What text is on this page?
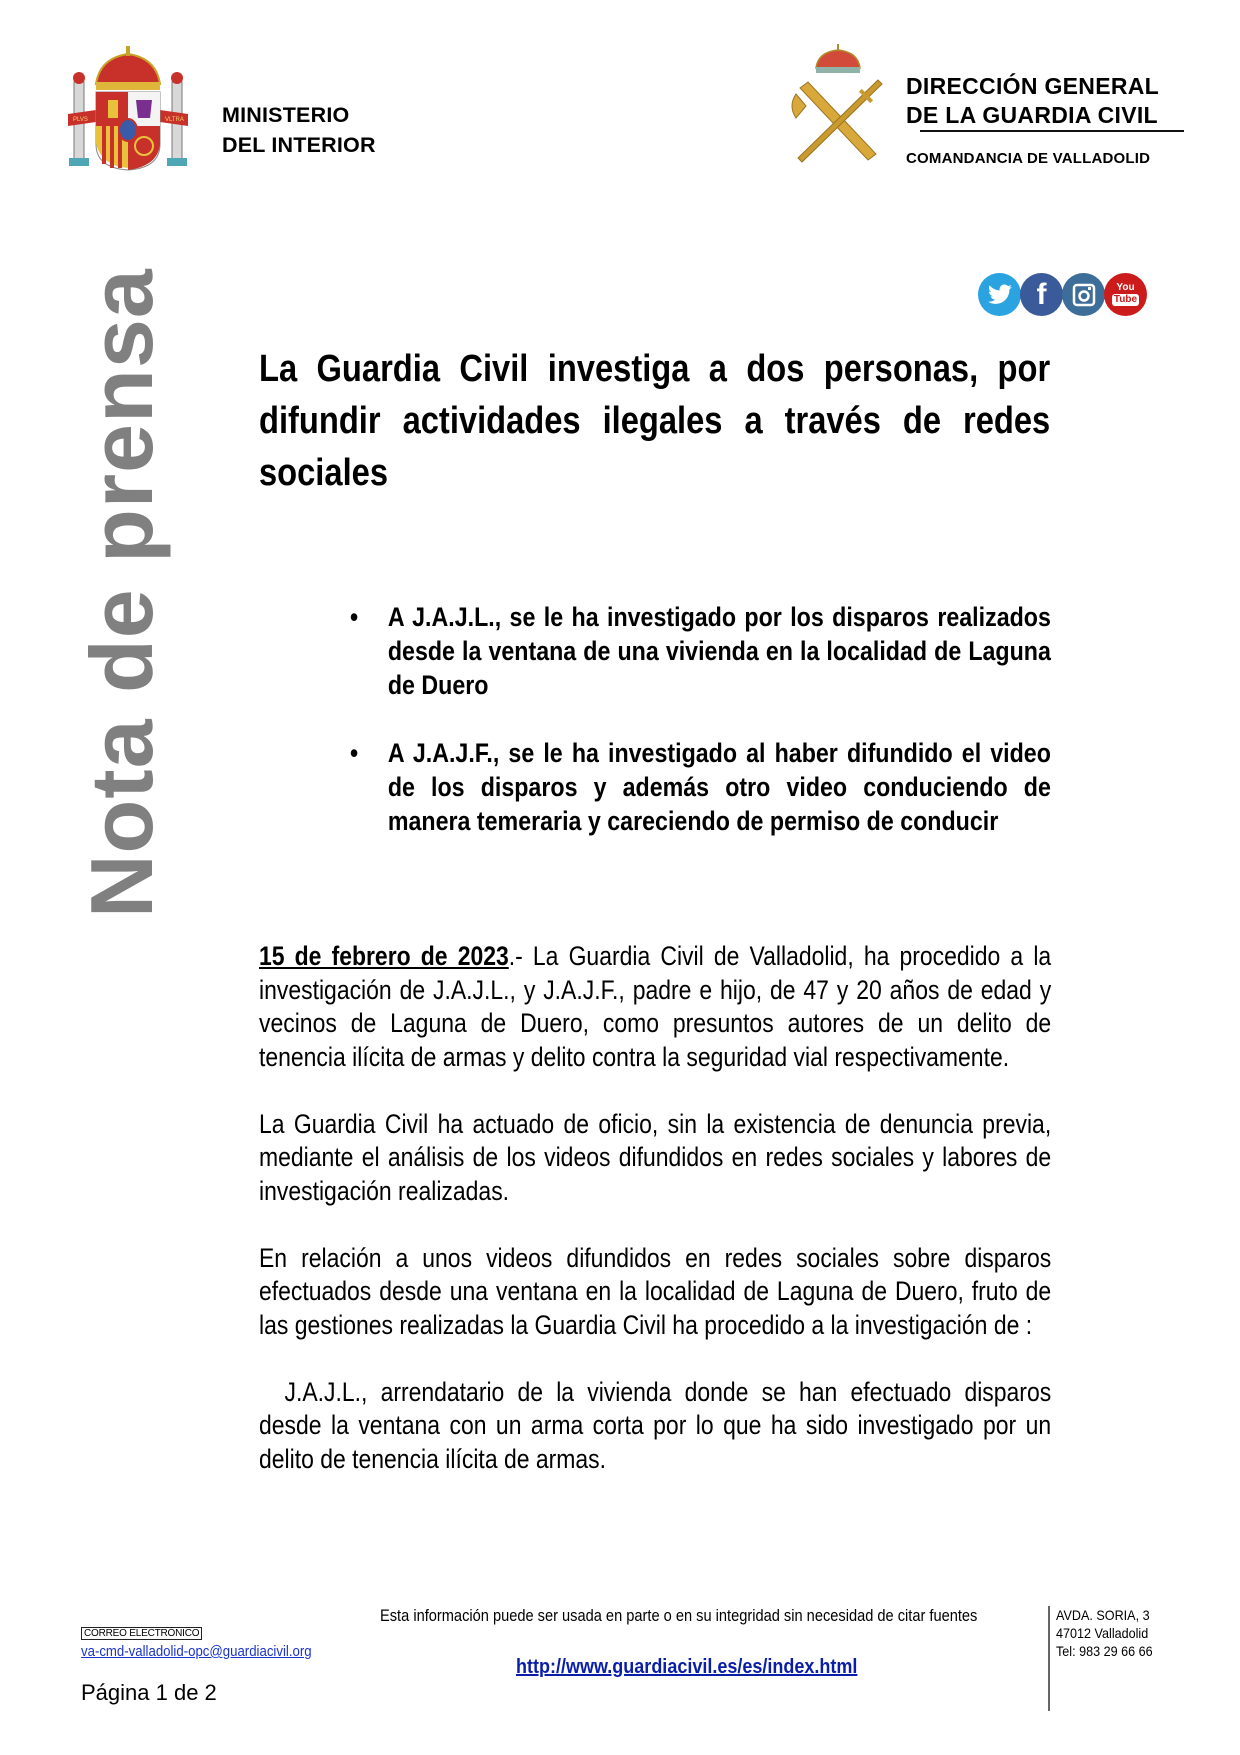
PLVS	VLTRA MINISTERIO
DEL INTERIOR
DIRECCIÓN GENERAL
DE LA GUARDIA CIVIL
COMANDANCIA DE VALLADOLID
f	You
Tube
Nota de prensa La Guardia Civil investiga a dos personas, por difundir actividades ilegales a través de redes sociales
• A J.A.J.L., se le ha investigado por los disparos realizados desde la ventana de una vivienda en la localidad de Laguna de Duero
• A J.A.J.F., se le ha investigado al haber difundido el video de los disparos y además otro video conduciendo de manera temeraria y careciendo de permiso de conducir

15 de febrero de 2023.- La Guardia Civil de Valladolid, ha procedido a la investigación de J.A.J.L., y J.A.J.F., padre e hijo, de 47 y 20 años de edad y vecinos de Laguna de Duero, como presuntos autores de un delito de tenencia ilícita de armas y delito contra la seguridad vial respectivamente.

La Guardia Civil ha actuado de oficio, sin la existencia de denuncia previa, mediante el análisis de los videos difundidos en redes sociales y labores de investigación realizadas.

En relación a unos videos difundidos en redes sociales sobre disparos efectuados desde una ventana en la localidad de Laguna de Duero, fruto de las gestiones realizadas la Guardia Civil ha procedido a la investigación de :

J.A.J.L., arrendatario de la vivienda donde se han efectuado disparos desde la ventana con un arma corta por lo que ha sido investigado por un delito de tenencia ilícita de armas.

CORREO ELECTRÓNICO
va-cmd-valladolid-opc@guardiacivil.org
Página 1 de 2
Esta información puede ser usada en parte o en su integridad sin necesidad de citar fuentes
http://www.guardiacivil.es/es/index.html
AVDA. SORIA, 3
47012 Valladolid
Tel: 983 29 66 66
